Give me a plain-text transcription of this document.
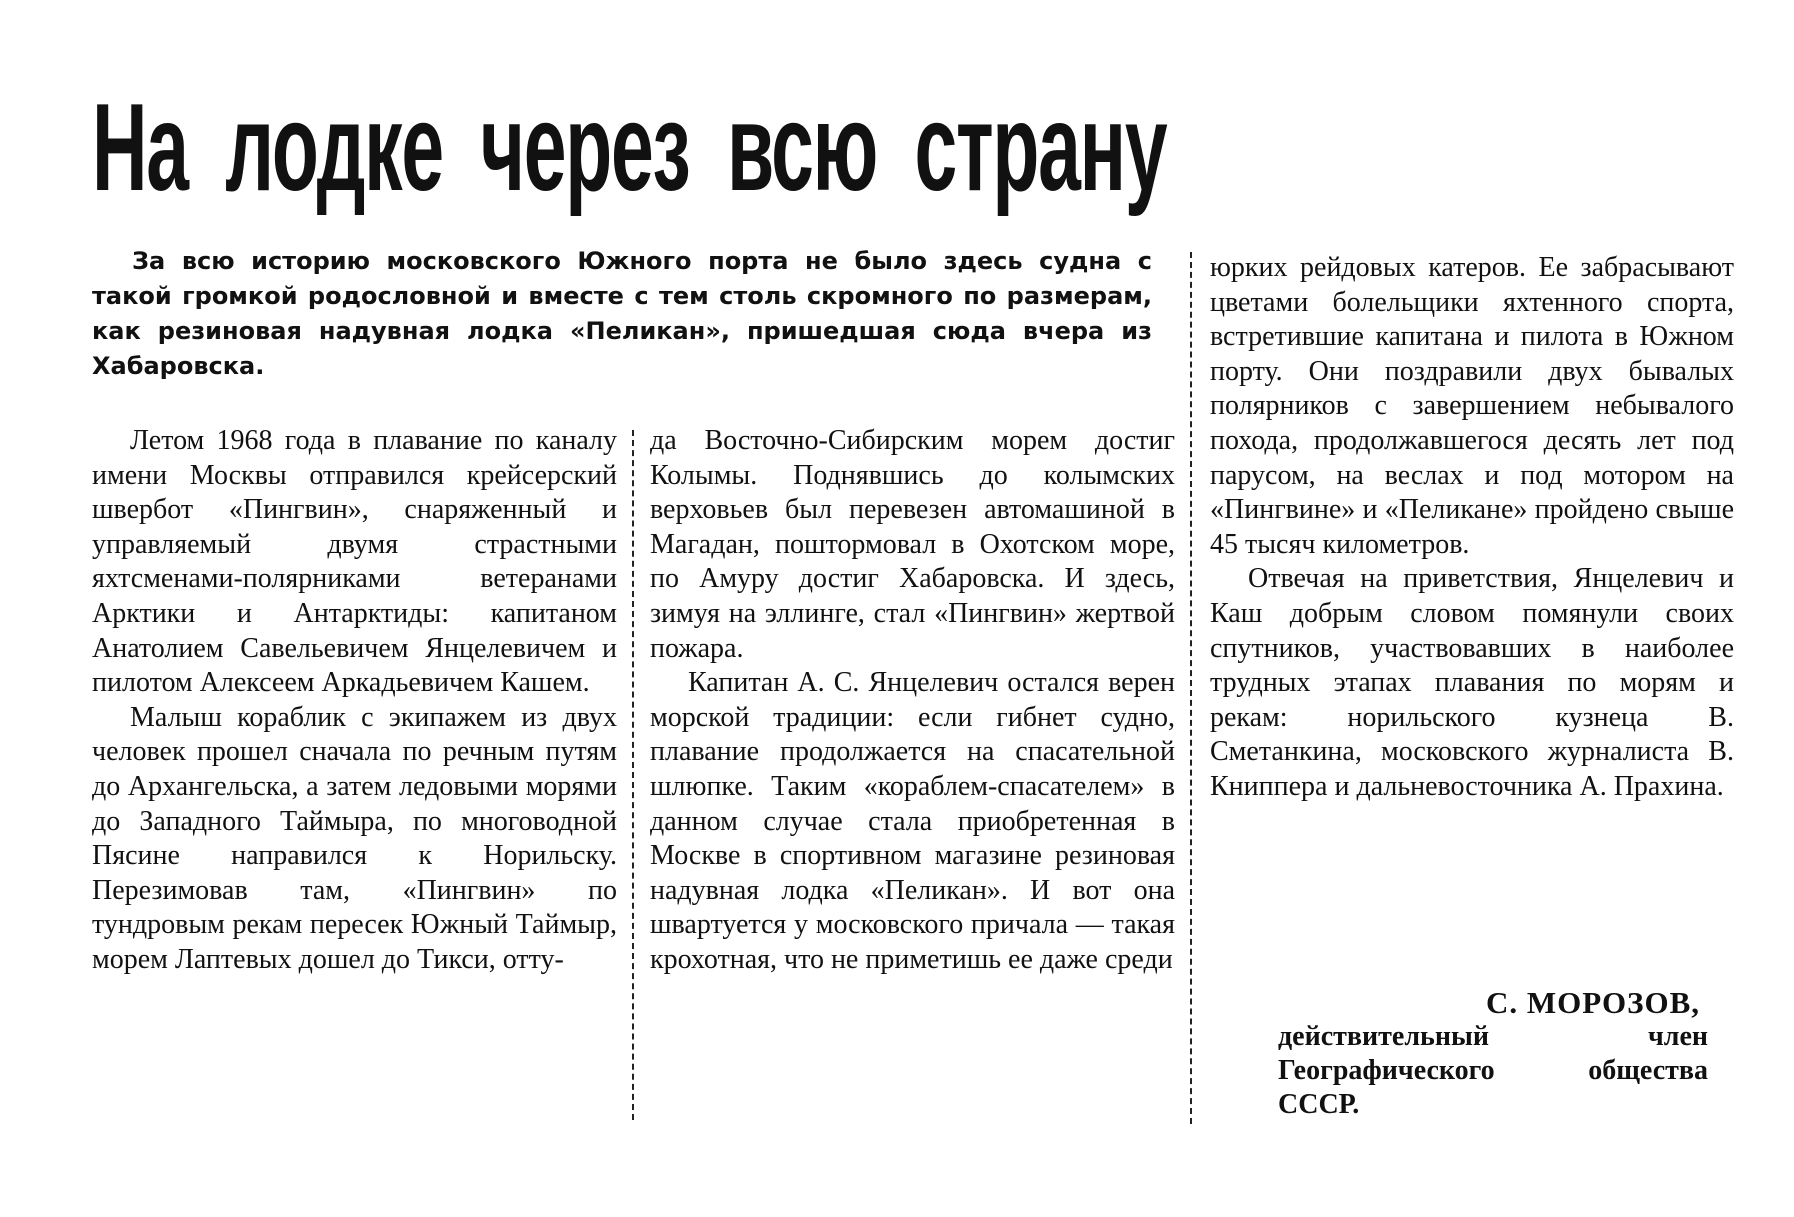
На лодке через всю страну

За всю историю московского Южного порта не было здесь судна с такой громкой родословной и вместе с тем столь скромного по размерам, как резиновая надувная лодка «Пеликан», пришедшая сюда вчера из Хабаровска.

Летом 1968 года в плавание по каналу имени Москвы отправился крейсерский швербот «Пингвин», снаряженный и управляемый двумя страстными яхтсменами-полярниками ветеранами Арктики и Антарктиды: капитаном Анатолием Савельевичем Янцелевичем и пилотом Алексеем Аркадьевичем Кашем.

Малыш кораблик с экипажем из двух человек прошел сначала по речным путям до Архангельска, а затем ледовыми морями до Западного Таймыра, по многоводной Пясине направился к Норильску. Перезимовав там, «Пингвин» по тундровым рекам пересек Южный Таймыр, морем Лаптевых дошел до Тикси, отту-

да Восточно-Сибирским морем достиг Колымы. Поднявшись до колымских верховьев был перевезен автомашиной в Магадан, поштормовал в Охотском море, по Амуру достиг Хабаровска. И здесь, зимуя на эллинге, стал «Пингвин» жертвой пожара.

Капитан А. С. Янцелевич остался верен морской традиции: если гибнет судно, плавание продолжается на спасательной шлюпке. Таким «кораблем-спасателем» в данном случае стала приобретенная в Москве в спортивном магазине резиновая надувная лодка «Пеликан». И вот она швартуется у московского причала — такая крохотная, что не приметишь ее даже среди

юрких рейдовых катеров. Ее забрасывают цветами болельщики яхтенного спорта, встретившие капитана и пилота в Южном порту. Они поздравили двух бывалых полярников с завершением небывалого похода, продолжавшегося десять лет под парусом, на веслах и под мотором на «Пингвине» и «Пеликане» пройдено свыше 45 тысяч километров.

Отвечая на приветствия, Янцелевич и Каш добрым словом помянули своих спутников, участвовавших в наиболее трудных этапах плавания по морям и рекам: норильского кузнеца В. Сметанкина, московского журналиста В. Книппера и дальневосточника А. Прахина.

С. МОРОЗОВ,

действительный член Географического общества СССР.
